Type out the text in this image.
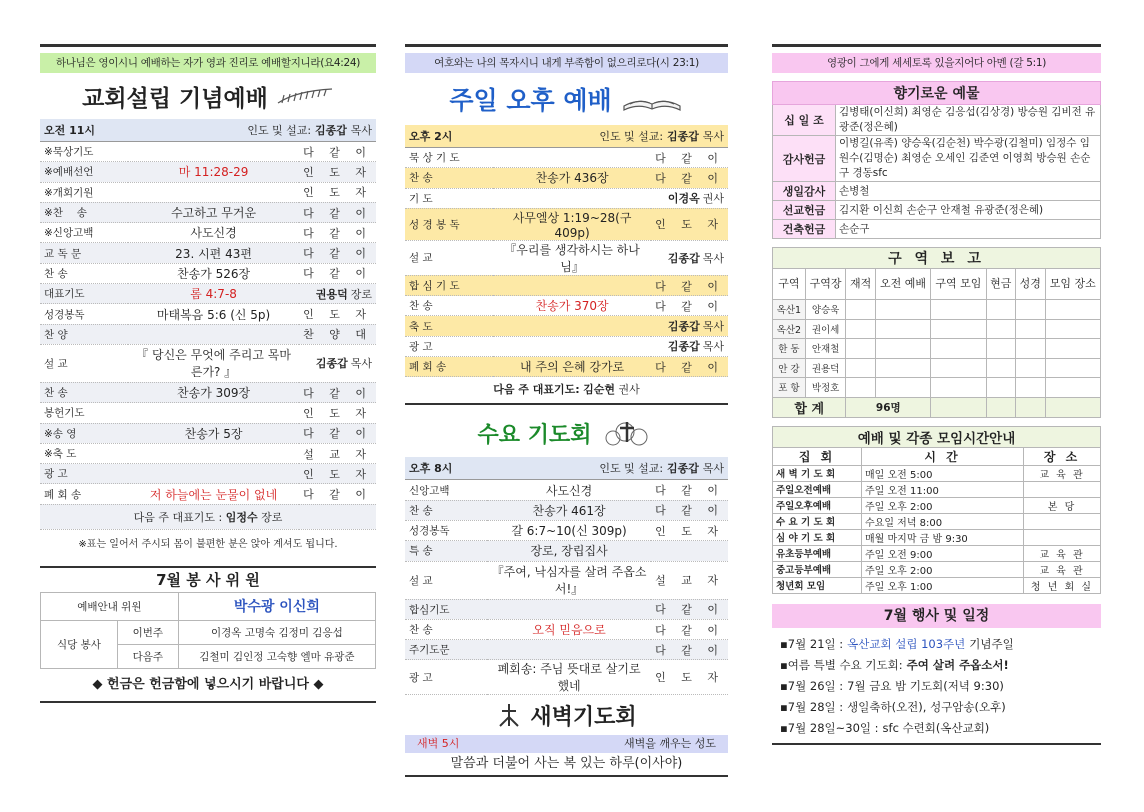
하나님은 영이시니 예배하는 자가 영과 진리로 예배할지니라(요4:24)
교회설립 기념예배
오전 11시	인도 및 설교: 김종갑 목사	
※묵상기도		다 같 이
※예배선언	마 11:28-29	인 도 자
※개회기원		인 도 자
※찬　 송	수고하고 무거운	다 같 이
※신앙고백	사도신경	다 같 이
교 독 문	23. 시편 43편	다 같 이
찬 송	찬송가 526장	다 같 이
대표기도	롬 4:7-8	권용덕 장로
성경봉독	마태복음 5:6 (신 5p)	인 도 자
찬 양		찬 양 대
설 교	『 당신은 무엇에 주리고 목마른가? 』	김종갑 목사
찬 송	찬송가 309장	다 같 이
봉헌기도		인 도 자
※송 영	찬송가 5장	다 같 이
※축 도		설 교 자
광 고		인 도 자
폐 회 송	저 하늘에는 눈물이 없네	다 같 이
다음 주 대표기도 : 임정수 장로		
※표는 일어서 주시되 몸이 불편한 분은 앉아 계셔도 됩니다.
7월 봉 사 위 원
예배안내 위원		박수광 이신희
식당 봉사	이번주	이경옥 고명숙 김정미 김응섭
	다음주	김철미 김인정 고숙향 엘마 유광준
◆ 헌금은 헌금함에 넣으시기 바랍니다 ◆
여호와는 나의 목자시니 내게 부족함이 없으리로다(시 23:1)
주일 오후 예배
오후 2시	인도 및 설교: 김종갑 목사	
묵 상 기 도		다 같 이
찬 송	찬송가 436장	다 같 이
기 도		이경옥 권사
성 경 봉 독	사무엘상 1:19~28(구 409p)	인 도 자
설 교	『우리를 생각하시는 하나님』	김종갑 목사
합 심 기 도		다 같 이
찬 송	찬송가 370장	다 같 이
축 도		김종갑 목사
광 고		김종갑 목사
폐 회 송	내 주의 은혜 강가로	다 같 이
다음 주 대표기도: 김순현 권사
수요 기도회
오후 8시	인도 및 설교: 김종갑 목사	
신앙고백	사도신경	다 같 이
찬 송	찬송가 461장	다 같 이
성경봉독	갈 6:7~10(신 309p)	인 도 자
특 송	장로, 장립집사	
설 교	『주여, 낙심자를 살려 주옵소서!』	설 교 자
합심기도		다 같 이
찬 송	오직 믿음으로	다 같 이
주기도문		다 같 이
광 고	폐회송: 주님 뜻대로 살기로 했네	인 도 자
새벽기도회
새벽 5시	새벽을 깨우는 성도
말씀과 더불어 사는 복 있는 하루(이사야)
영광이 그에게 세세토록 있을지어다 아멘 (갈 5:1)
향기로운 예물	
십 일 조	김병태(이신희) 최영순 김응섭(김상경) 방승원 김비전 유광준(정은혜)
감사헌금	이병길(유족) 양승욱(김순천) 박수광(김철미) 임정수 임원수(김명순) 최영순 오세인 김준연 이영희 방승원 손순구 경동sfc
생일감사	손병철
선교헌금	김지환 이신희 손순구 안재철 유광준(정은혜)
건축헌금	손순구
구 역 보 고							
구역	구역장	재적	오전 예배	구역 모임	현금	성경	모임 장소
옥산1	양승욱						
옥산2	권이세						
한 동	안재철						
안 강	권용덕						
포 항	박정호						
합 계		96명					
예배 및 각종 모임시간안내		
집 회	시 간	장 소
새 벽 기 도 회	매일 오전 5:00	교 육 관
주일오전예배	주일 오전 11:00	
주일오후예배	주일 오후 2:00	본 당
수 요 기 도 회	수요일 저녁 8:00	
심 야 기 도 회	매월 마지막 금 밤 9:30	
유초등부예배	주일 오전 9:00	교 육 관
중고등부예배	주일 오후 2:00	교 육 관
청년회 모임	주일 오후 1:00	청 년 회 실
7월 행사 및 일정
▪7월 21일 : 옥산교회 설립 103주년 기념주일
▪여름 특별 수요 기도회: 주여 살려 주옵소서!
▪7월 26일 : 7월 금요 밤 기도회(저녁 9:30)
▪7월 28일 : 생일축하(오전), 성구암송(오후)
▪7월 28일~30일 : sfc 수련회(옥산교회)
